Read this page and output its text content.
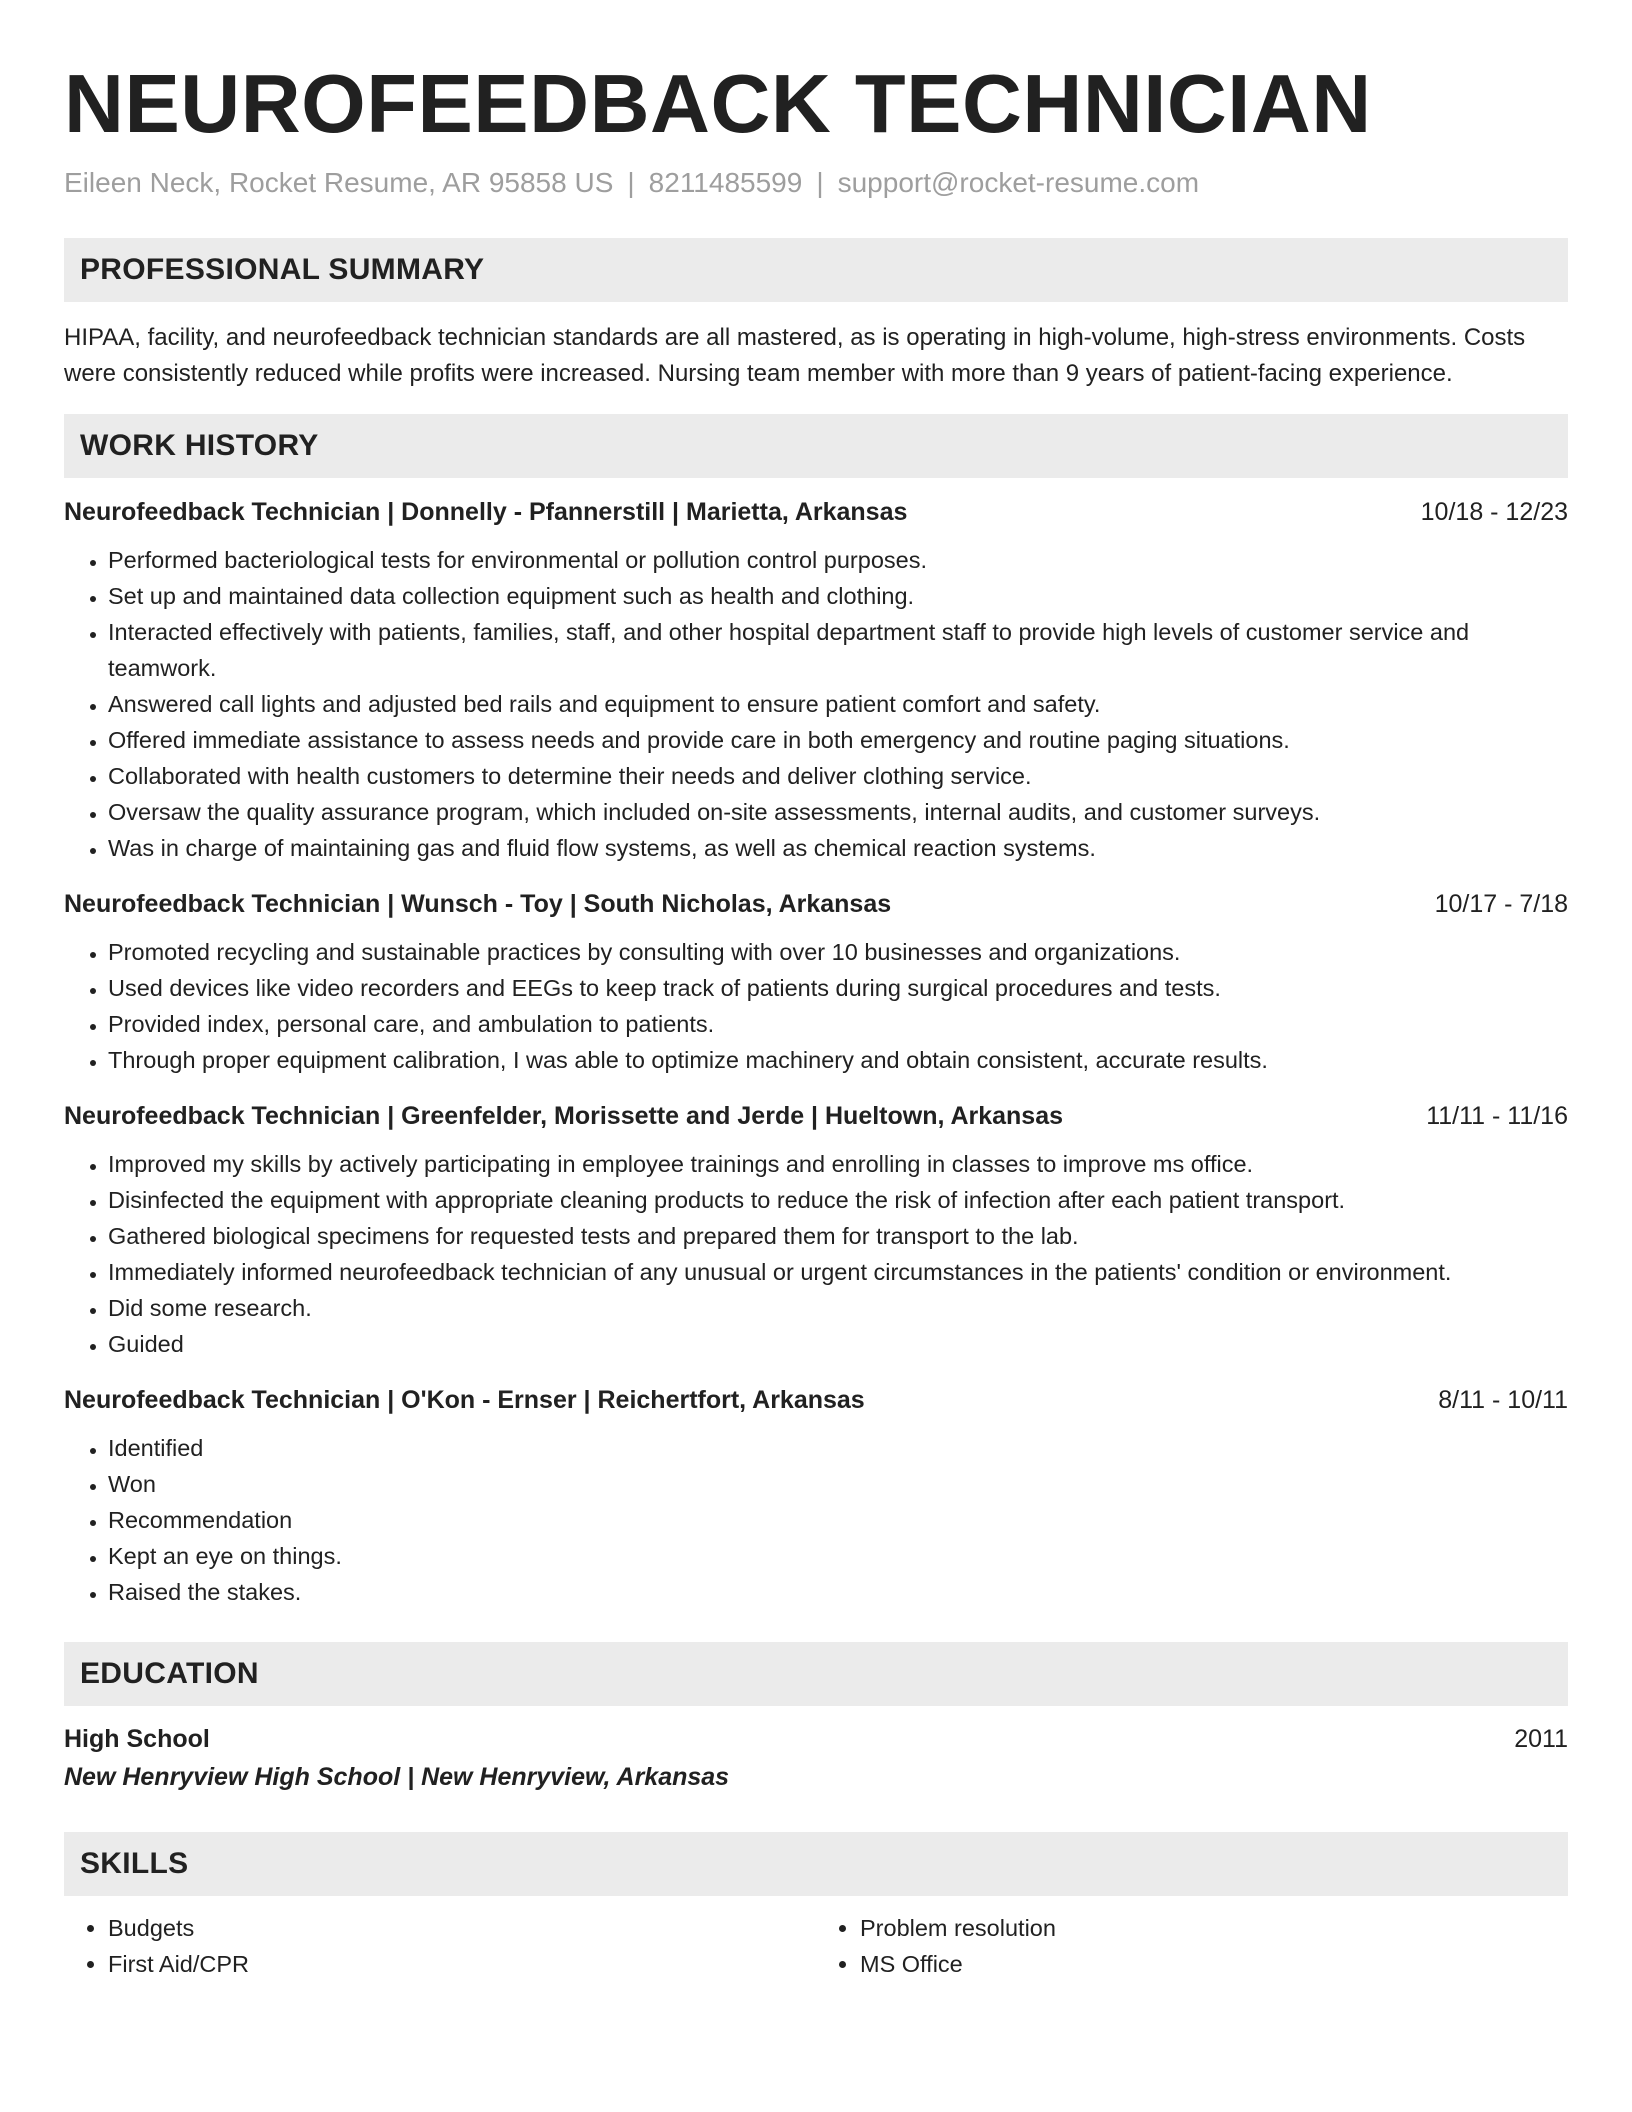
NEUROFEEDBACK TECHNICIAN
Eileen Neck, Rocket Resume, AR 95858 US | 8211485599 | support@rocket-resume.com
PROFESSIONAL SUMMARY

HIPAA, facility, and neurofeedback technician standards are all mastered, as is operating in high-volume, high-stress environments. Costs were consistently reduced while profits were increased. Nursing team member with more than 9 years of patient-facing experience.

WORK HISTORY
Neurofeedback Technician | Donnelly - Pfannerstill | Marietta, Arkansas	10/18 - 12/23
• Performed bacteriological tests for environmental or pollution control purposes.
• Set up and maintained data collection equipment such as health and clothing.
• Interacted effectively with patients, families, staff, and other hospital department staff to provide high levels of customer service and teamwork.
• Answered call lights and adjusted bed rails and equipment to ensure patient comfort and safety.
• Offered immediate assistance to assess needs and provide care in both emergency and routine paging situations.
• Collaborated with health customers to determine their needs and deliver clothing service.
• Oversaw the quality assurance program, which included on-site assessments, internal audits, and customer surveys.
• Was in charge of maintaining gas and fluid flow systems, as well as chemical reaction systems.
Neurofeedback Technician | Wunsch - Toy | South Nicholas, Arkansas	10/17 - 7/18
• Promoted recycling and sustainable practices by consulting with over 10 businesses and organizations.
• Used devices like video recorders and EEGs to keep track of patients during surgical procedures and tests.
• Provided index, personal care, and ambulation to patients.
• Through proper equipment calibration, I was able to optimize machinery and obtain consistent, accurate results.
Neurofeedback Technician | Greenfelder, Morissette and Jerde | Hueltown, Arkansas	11/11 - 11/16
• Improved my skills by actively participating in employee trainings and enrolling in classes to improve ms office.
• Disinfected the equipment with appropriate cleaning products to reduce the risk of infection after each patient transport.
• Gathered biological specimens for requested tests and prepared them for transport to the lab.
• Immediately informed neurofeedback technician of any unusual or urgent circumstances in the patients' condition or environment.
• Did some research.
• Guided
Neurofeedback Technician | O'Kon - Ernser | Reichertfort, Arkansas	8/11 - 10/11
• Identified
• Won
• Recommendation
• Kept an eye on things.
• Raised the stakes.
EDUCATION
High School	2011
New Henryview High School | New Henryview, Arkansas
SKILLS
• Budgets
• First Aid/CPR
• Problem resolution
• MS Office
